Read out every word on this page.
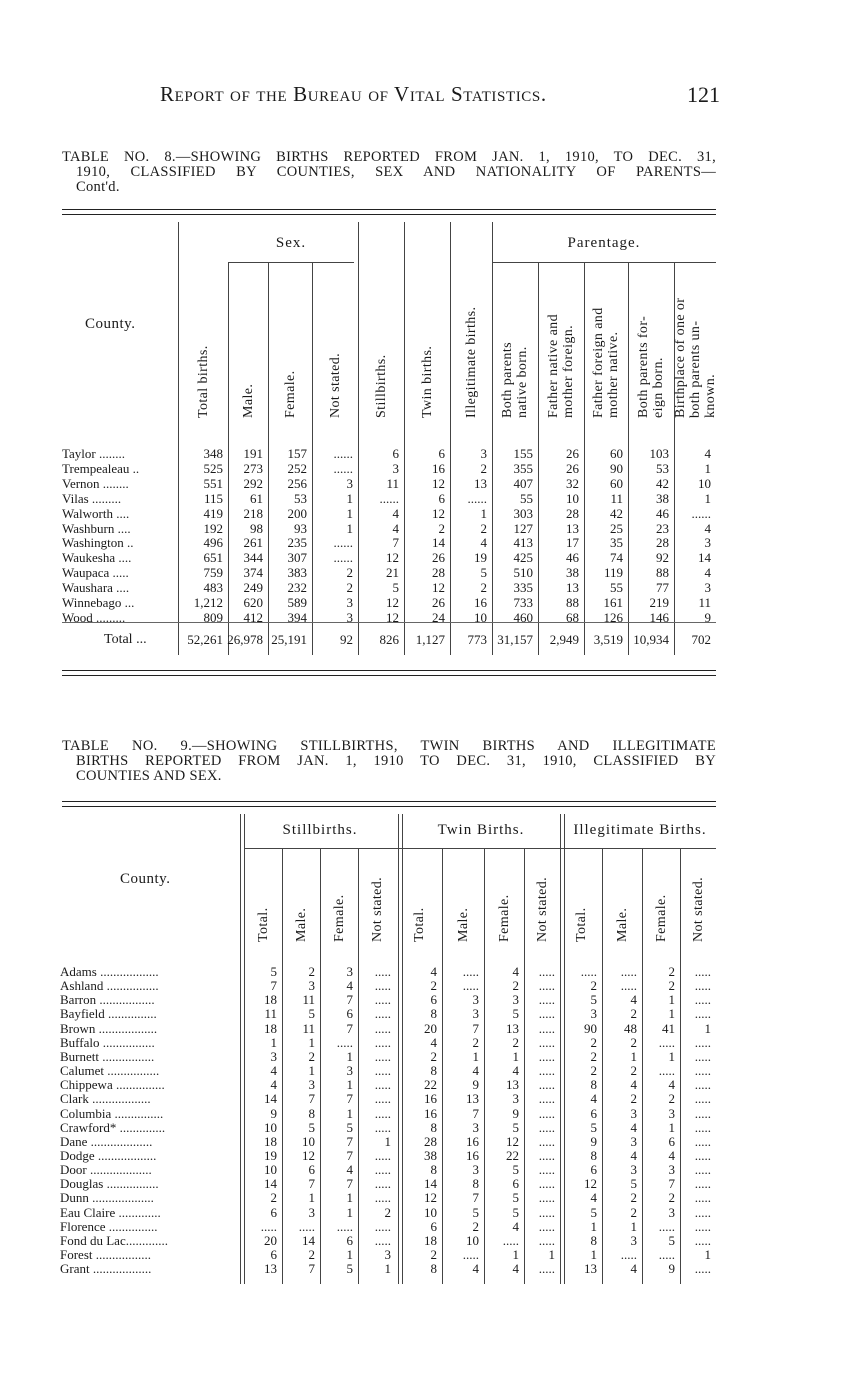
Report of the Bureau of Vital Statistics.	121
TABLE NO. 8.—SHOWING BIRTHS REPORTED FROM JAN. 1, 1910, TO DEC. 31,
1910, CLASSIFIED BY COUNTIES, SEX AND NATIONALITY OF PARENTS—
Cont'd.
County.
Sex.	Parentage.
Total births. Male. Female. Not stated. Stillbirths. Twin births. Illegitimate births. Both parents
native born.
Father native and
mother foreign.
Father foreign and
mother native.
Both parents for-
eign born. Birthplace of one or
both parents un-
known.
Taylor ........	348 191 157 ......	6	6	3 155	26 60 103	4
Trempealeau ..	525 273 252 ......	3	16	2 355	26 90	53	1
Vernon ........	551 292 256	3	11	12 13 407	32 60	42 10
Vilas .........	115 61 53	1 ......	6 ......	55	10 11	38	1
Walworth ....	419 218 200	1	4	12	1 303	28 42	46 ......
Washburn ....	192 98 93	1	4	2	2 127	13 25	23	4
Washington ..	496 261 235 ......	7	14	4 413	17 35	28	3
Waukesha ....	651 344 307 ......	12	26 19 425	46 74	92 14
Waupaca .....	759 374 383	2	21	28	5 510	38 119	88	4
Waushara ....	483 249 232	2	5	12	2 335	13 55	77	3
Winnebago ...	1,212 620 589	3	12	26 16 733	88 161 219 11
Wood .........	809 412 394	3	12	24 10 460	68 126 146	9
Total ...	52,261 26,978 25,191	92 826 1,127 773 31,157 2,949 3,519 10,934 702
TABLE NO. 9.—SHOWING STILLBIRTHS, TWIN BIRTHS AND ILLEGITIMATE
BIRTHS REPORTED FROM JAN. 1, 1910 TO DEC. 31, 1910, CLASSIFIED BY
COUNTIES AND SEX.
County.
Stillbirths.	Twin Births.	Illegitimate Births.
Total. Male. Female. Not stated. Total. Male. Female. Not stated. Total. Male. Female. Not stated.
Adams ..................	5 2 3 .....	4 .....	4 ..... ..... ..... 2 .....
Ashland ................	7 3 4 .....	2 .....	2 .....	2 ..... 2 .....
Barron .................	18 11 7 .....	6	3	3 .....	5	4 1 .....
Bayfield ...............	11 5 6 .....	8	3	5 .....	3	2 1 .....
Brown ..................	18 11 7 .....	20	7 13 ..... 90 48 41 1
Buffalo ................	1 1 ..... .....	4	2	2 .....	2	2 ..... .....
Burnett ................	3 2 1 .....	2	1	1 .....	2	1 1 .....
Calumet ................	4 1 3 .....	8	4	4 .....	2	2 ..... .....
Chippewa ...............	4 3 1 .....	22	9 13 .....	8	4 4 .....
Clark ..................	14 7 7 .....	16 13	3 .....	4	2 2 .....
Columbia ...............	9 8 1 .....	16	7	9 .....	6	3 3 .....
Crawford* ..............	10 5 5 .....	8	3	5 .....	5	4 1 .....
Dane ...................	18 10 7 1	28 16 12 .....	9	3 6 .....
Dodge ..................	19 12 7 .....	38 16 22 .....	8	4 4 .....
Door ...................	10 6 4 .....	8	3	5 .....	6	3 3 .....
Douglas ................	14 7 7 .....	14	8	6 ..... 12	5 7 .....
Dunn ...................	2 1 1 .....	12	7	5 .....	4	2 2 .....
Eau Claire .............	6 3 1 2	10	5	5 .....	5	2 3 .....
Florence ...............	..... ..... ..... .....	6	2	4 .....	1	1 ..... .....
Fond du Lac.............	20 14 6 .....	18 10 ..... .....	8	3 5 .....
Forest .................	6 2 1 3	2 .....	1 1	1 ..... ..... 1
Grant ..................	13 7 5 1	8	4	4 ..... 13	4 9 .....
